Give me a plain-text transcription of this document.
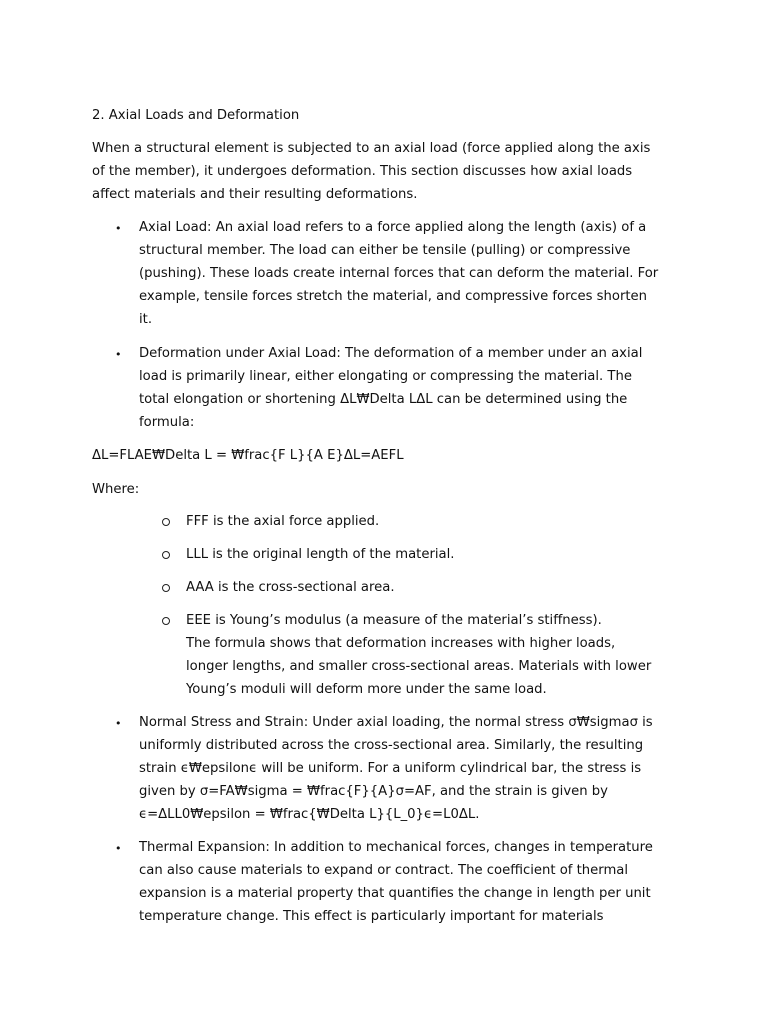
2. Axial Loads and Deformation
When a structural element is subjected to an axial load (force applied along the axis
of the member), it undergoes deformation. This section discusses how axial loads
affect materials and their resulting deformations.
• Axial Load: An axial load refers to a force applied along the length (axis) of a
structural member. The load can either be tensile (pulling) or compressive
(pushing). These loads create internal forces that can deform the material. For
example, tensile forces stretch the material, and compressive forces shorten
it.
• Deformation under Axial Load: The deformation of a member under an axial
load is primarily linear, either elongating or compressing the material. The
total elongation or shortening ΔL₩Delta LΔL can be determined using the
formula:
ΔL=FLAE₩Delta L = ₩frac{F L}{A E}ΔL=AEFL
Where:
FFF is the axial force applied.
LLL is the original length of the material.
AAA is the cross-sectional area.
EEE is Young’s modulus (a measure of the material’s stiffness).
The formula shows that deformation increases with higher loads,
longer lengths, and smaller cross-sectional areas. Materials with lower
Young’s moduli will deform more under the same load.
• Normal Stress and Strain: Under axial loading, the normal stress σ₩sigmaσ is
uniformly distributed across the cross-sectional area. Similarly, the resulting
strain ϵ₩epsilonϵ will be uniform. For a uniform cylindrical bar, the stress is
given by σ=FA₩sigma = ₩frac{F}{A}σ=AF, and the strain is given by
ϵ=ΔLL0₩epsilon = ₩frac{₩Delta L}{L_0}ϵ=L0ΔL.
• Thermal Expansion: In addition to mechanical forces, changes in temperature
can also cause materials to expand or contract. The coefficient of thermal
expansion is a material property that quantifies the change in length per unit
temperature change. This effect is particularly important for materials
